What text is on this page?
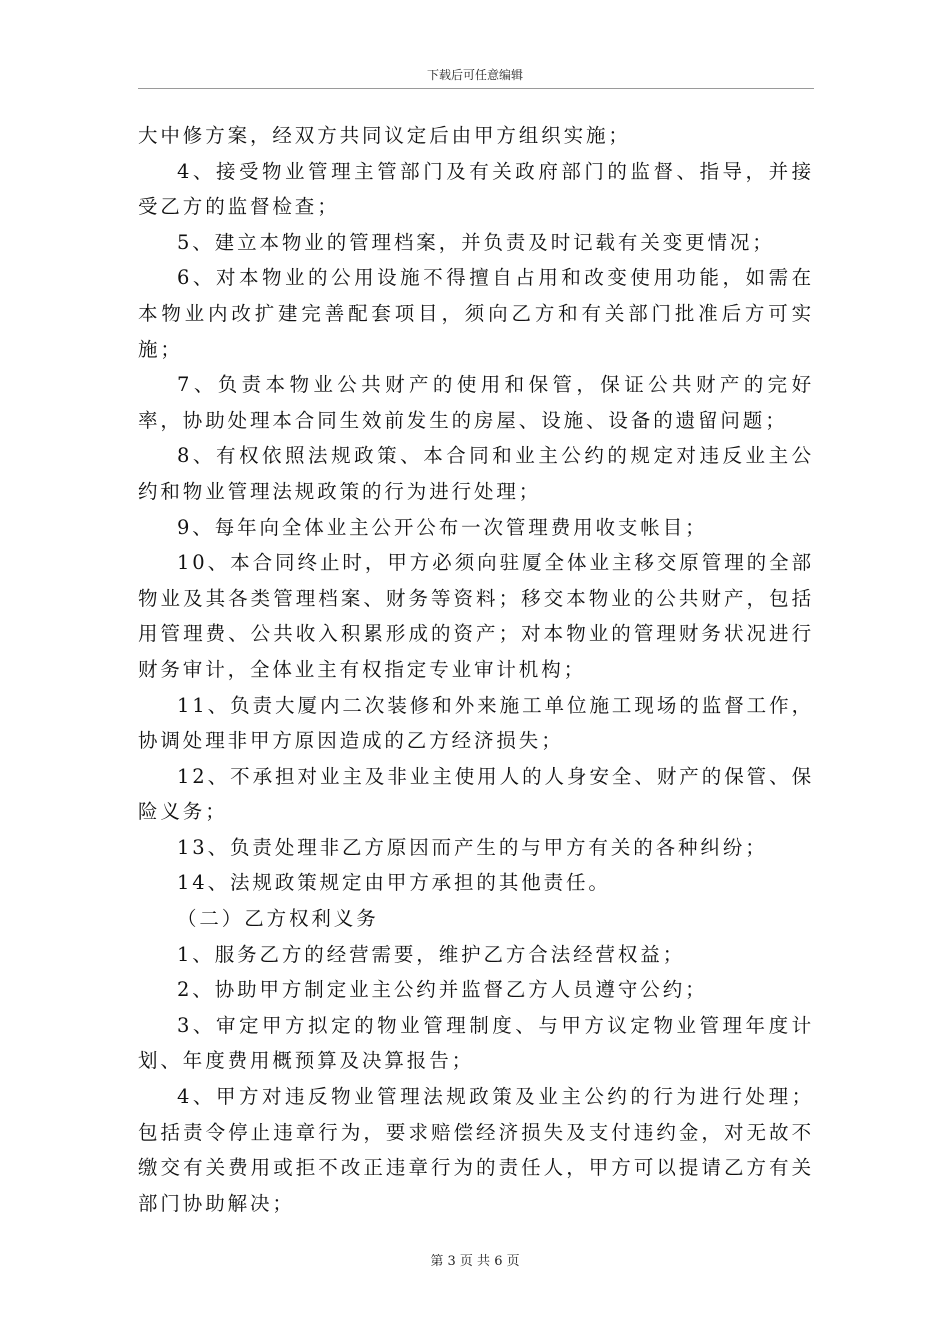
下载后可任意编辑

大中修方案，经双方共同议定后由甲方组织实施；

4、接受物业管理主管部门及有关政府部门的监督、指导，并接受乙方的监督检查；

5、建立本物业的管理档案，并负责及时记载有关变更情况；

6、对本物业的公用设施不得擅自占用和改变使用功能，如需在本物业内改扩建完善配套项目，须向乙方和有关部门批准后方可实施；

7、负责本物业公共财产的使用和保管，保证公共财产的完好率，协助处理本合同生效前发生的房屋、设施、设备的遗留问题；

8、有权依照法规政策、本合同和业主公约的规定对违反业主公约和物业管理法规政策的行为进行处理；

9、每年向全体业主公开公布一次管理费用收支帐目；

10、本合同终止时，甲方必须向驻厦全体业主移交原管理的全部物业及其各类管理档案、财务等资料；移交本物业的公共财产，包括用管理费、公共收入积累形成的资产；对本物业的管理财务状况进行财务审计，全体业主有权指定专业审计机构；

11、负责大厦内二次装修和外来施工单位施工现场的监督工作，协调处理非甲方原因造成的乙方经济损失；

12、不承担对业主及非业主使用人的人身安全、财产的保管、保险义务；

13、负责处理非乙方原因而产生的与甲方有关的各种纠纷；

14、法规政策规定由甲方承担的其他责任。

（二）乙方权利义务

1、服务乙方的经营需要，维护乙方合法经营权益；

2、协助甲方制定业主公约并监督乙方人员遵守公约；

3、审定甲方拟定的物业管理制度、与甲方议定物业管理年度计划、年度费用概预算及决算报告；

4、甲方对违反物业管理法规政策及业主公约的行为进行处理；包括责令停止违章行为，要求赔偿经济损失及支付违约金，对无故不缴交有关费用或拒不改正违章行为的责任人，甲方可以提请乙方有关部门协助解决；

第 3 页 共 6 页
